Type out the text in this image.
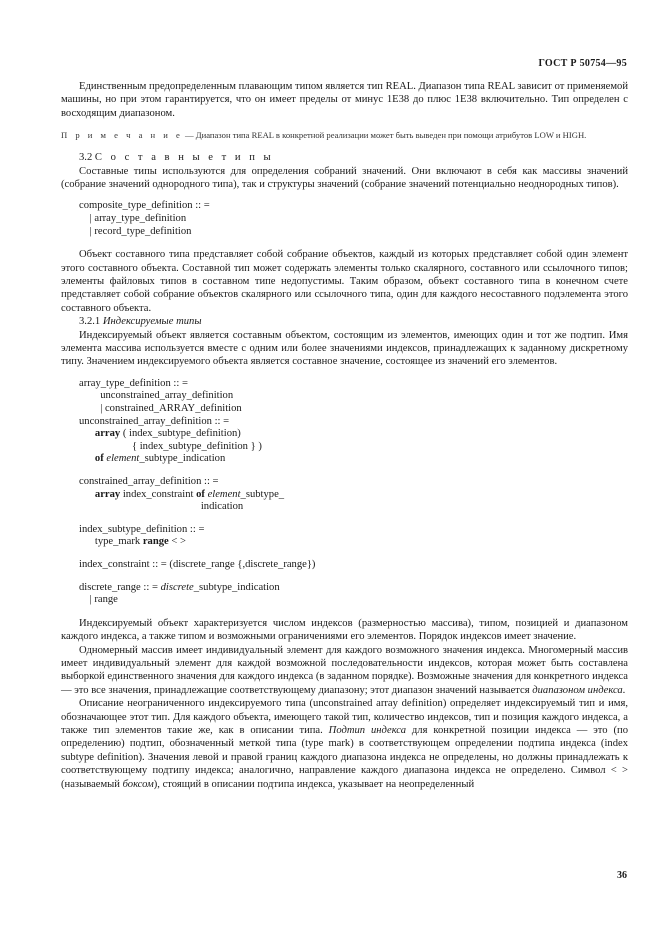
ГОСТ Р 50754—95

Единственным предопределенным плавающим типом является тип REAL. Диапазон типа REAL зависит от применяемой машины, но при этом гарантируется, что он имеет пределы от минус 1E38 до плюс 1E38 включительно. Тип определен с восходящим диапазоном.

П р и м е ч а н и е — Диапазон типа REAL в конкретной реализации может быть выведен при помощи атрибутов LOW и HIGH.

3.2 С о с т а в н ы е т и п ы

Составные типы используются для определения собраний значений. Они включают в себя как массивы значений (собрание значений однородного типа), так и структуры значений (собрание значений потенциально неоднородных типов).

composite_type_definition :: =
| array_type_definition
| record_type_definition

Объект составного типа представляет собой собрание объектов, каждый из которых представляет собой один элемент этого составного объекта. Составной тип может содержать элементы только скалярного, составного или ссылочного типов; элементы файловых типов в составном типе недопустимы. Таким образом, объект составного типа в конечном счете представляет собой собрание объектов скалярного или ссылочного типа, один для каждого несоставного подэлемента этого составного объекта.

3.2.1 Индексируемые типы

Индексируемый объект является составным объектом, состоящим из элементов, имеющих один и тот же подтип. Имя элемента массива используется вместе с одним или более значениями индексов, принадлежащих к заданному дискретному типу. Значением индексируемого объекта является составное значение, состоящее из значений его элементов.

array_type_definition :: =
unconstrained_array_definition
| constrained_ARRAY_definition
unconstrained_array_definition :: =
array ( index_subtype_definition)
{ index_subtype_definition } )
of element_subtype_indication
constrained_array_definition :: =
array index_constraint of element_subtype_
indication
index_subtype_definition :: =
type_mark range < >
index_constraint :: = (discrete_range {,discrete_range})
discrete_range :: = discrete_subtype_indication
| range

Индексируемый объект характеризуется числом индексов (размерностью массива), типом, позицией и диапазоном каждого индекса, а также типом и возможными ограничениями его элементов. Порядок индексов имеет значение.

Одномерный массив имеет индивидуальный элемент для каждого возможного значения индекса. Многомерный массив имеет индивидуальный элемент для каждой возможной последовательности индексов, которая может быть составлена выборкой единственного значения для каждого индекса (в заданном порядке). Возможные значения для конкретного индекса — это все значения, принадлежащие соответствующему диапазону; этот диапазон значений называется диапазоном индекса.

Описание неограниченного индексируемого типа (unconstrained array definition) определяет индексируемый тип и имя, обозначающее этот тип. Для каждого объекта, имеющего такой тип, количество индексов, тип и позиция каждого индекса, а также тип элементов такие же, как в описании типа. Подтип индекса для конкретной позиции индекса — это (по определению) подтип, обозначенный меткой типа (type mark) в соответствующем определении подтипа индекса (index subtype definition). Значения левой и правой границ каждого диапазона индекса не определены, но должны принадлежать к соответствующему подтипу индекса; аналогично, направление каждого диапазона индекса не определено. Символ < > (называемый боксом), стоящий в описании подтипа индекса, указывает на неопределенный

36
